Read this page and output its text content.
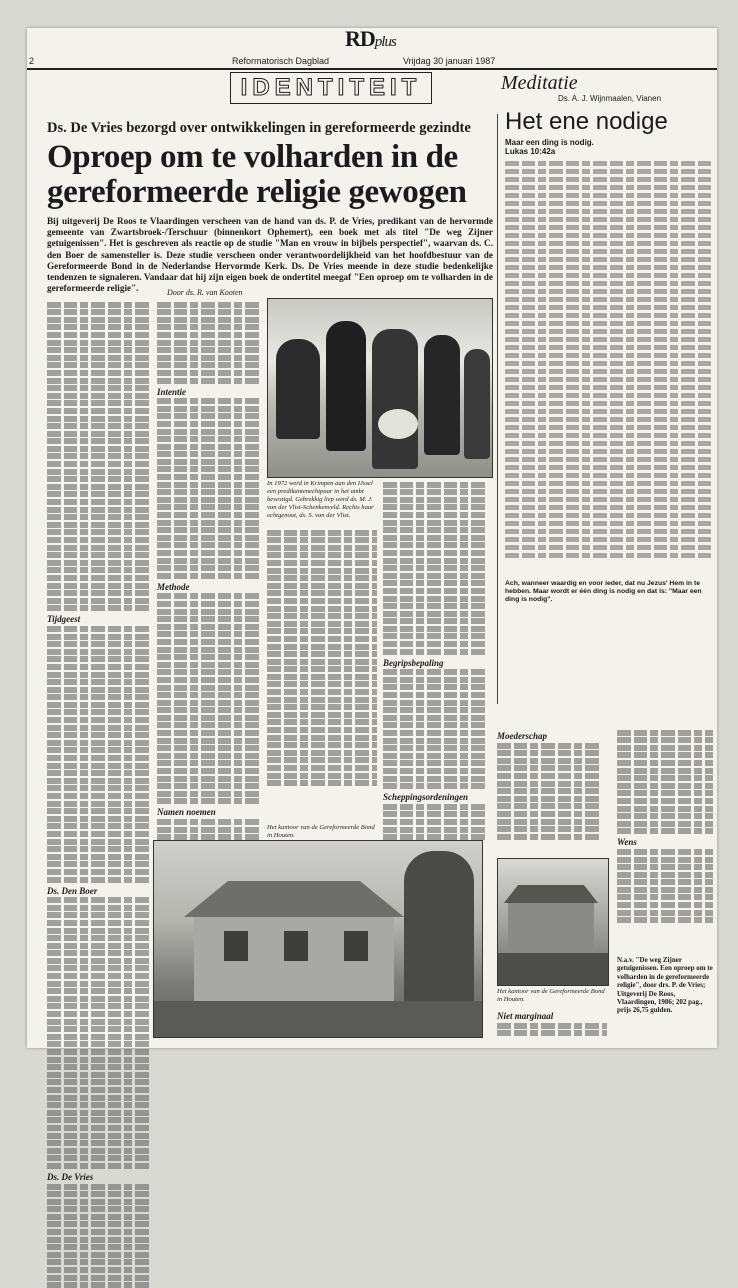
RDplus
2	Reformatorisch Dagblad	Vrijdag 30 januari 1987
IDENTITEIT	Meditatie
Ds. A. J. Wijnmaalen, Vianen
Ds. De Vries bezorgd over ontwikkelingen in gereformeerde gezindte
Oproep om te volharden in de gereformeerde religie gewogen
Bij uitgeverij De Roos te Vlaardingen verscheen van de hand van ds. P. de Vries, predikant van de hervormde gemeente van Zwartsbroek-/Terschuur (binnenkort Ophemert), een boek met als titel "De weg Zijner getuigenissen". Het is geschreven als reactie op de studie "Man en vrouw in bijbels perspectief", waarvan ds. C. den Boer de samensteller is. Deze studie verscheen onder verantwoordelijkheid van het hoofdbestuur van de Gereformeerde Bond in de Nederlandse Hervormde Kerk. Ds. De Vries meende in deze studie bedenkelijke tendenzen te signaleren. Vandaar dat hij zijn eigen boek de ondertitel meegaf "Een oproep om te volharden in de gereformeerde religie".	Door ds. R. van Kooten
Tijdgeest
Ds. Den Boer
Ds. De Vries
Intentie
Methode
Namen noemen
In 1972 werd in Krimpen aan den IJssel een predikantenechtpaar in het ambt bevestigd. Gebrekkig liep werd ds. M. J. van der Vlist-Schenkenveld. Rechts haar echtgenoot, ds. S. van der Vlist.
Begripsbepaling
Scheppingsordeningen
Het kantoor van de Gereformeerde Bond in Houten.
Het ene nodige
Maar een ding is nodig.
Lukas 10:42a
Ach, wanneer waardig en voor ieder, dat nu Jezus' Hem in te hebben. Maar wordt er één ding is nodig en dat is: "Maar een ding is nodig".
Moederschap
Het kantoor van de Gereformeerde Bond in Houten.
Niet marginaal
Wens
N.a.v. "De weg Zijner getuigenissen. Een oproep om te volharden in de gereformeerde religie", door drs. P. de Vries; Uitgeverij De Roos, Vlaardingen, 1986; 202 pag., prijs 26,75 gulden.
